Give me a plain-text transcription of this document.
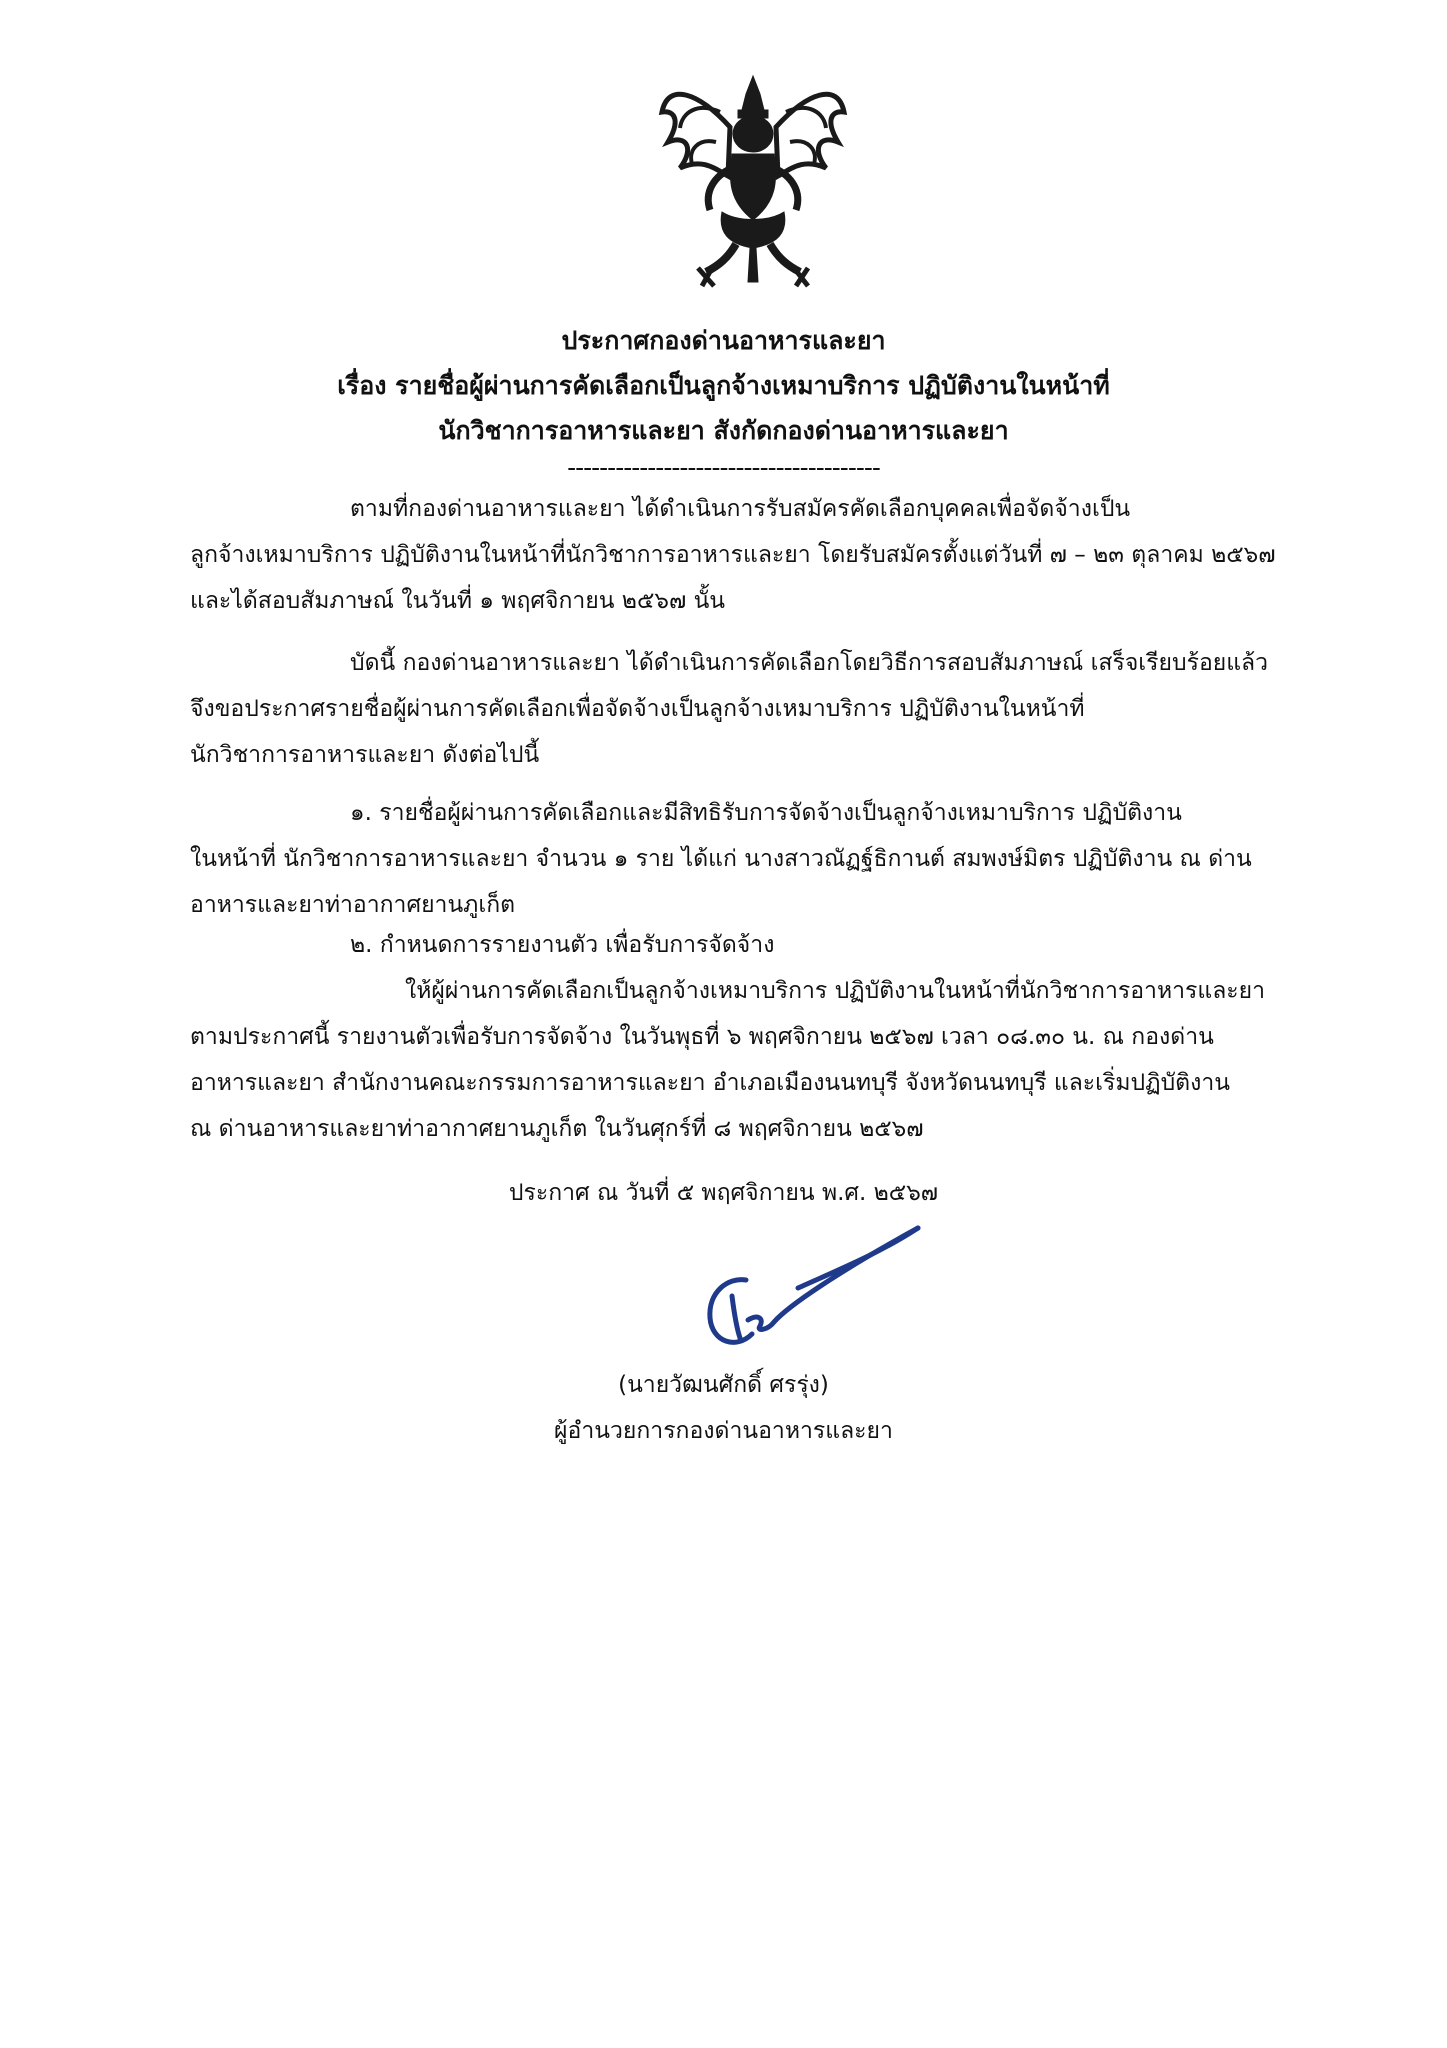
ประกาศกองด่านอาหารและยา
เรื่อง รายชื่อผู้ผ่านการคัดเลือกเป็นลูกจ้างเหมาบริการ ปฏิบัติงานในหน้าที่
นักวิชาการอาหารและยา สังกัดกองด่านอาหารและยา
---------------------------------------
ตามที่กองด่านอาหารและยา ได้ดำเนินการรับสมัครคัดเลือกบุคคลเพื่อจัดจ้างเป็น
ลูกจ้างเหมาบริการ ปฏิบัติงานในหน้าที่นักวิชาการอาหารและยา โดยรับสมัครตั้งแต่วันที่ ๗ – ๒๓ ตุลาคม ๒๕๖๗
และได้สอบสัมภาษณ์ ในวันที่ ๑ พฤศจิกายน ๒๕๖๗ นั้น
บัดนี้ กองด่านอาหารและยา ได้ดำเนินการคัดเลือกโดยวิธีการสอบสัมภาษณ์ เสร็จเรียบร้อยแล้ว
จึงขอประกาศรายชื่อผู้ผ่านการคัดเลือกเพื่อจัดจ้างเป็นลูกจ้างเหมาบริการ ปฏิบัติงานในหน้าที่
นักวิชาการอาหารและยา ดังต่อไปนี้
๑. รายชื่อผู้ผ่านการคัดเลือกและมีสิทธิรับการจัดจ้างเป็นลูกจ้างเหมาบริการ ปฏิบัติงาน
ในหน้าที่ นักวิชาการอาหารและยา จำนวน ๑ ราย ได้แก่ นางสาวณัฏฐ์ธิกานต์ สมพงษ์มิตร ปฏิบัติงาน ณ ด่าน
อาหารและยาท่าอากาศยานภูเก็ต
๒. กำหนดการรายงานตัว เพื่อรับการจัดจ้าง
ให้ผู้ผ่านการคัดเลือกเป็นลูกจ้างเหมาบริการ ปฏิบัติงานในหน้าที่นักวิชาการอาหารและยา
ตามประกาศนี้ รายงานตัวเพื่อรับการจัดจ้าง ในวันพุธที่ ๖ พฤศจิกายน ๒๕๖๗ เวลา ๐๘.๓๐ น. ณ กองด่าน
อาหารและยา สำนักงานคณะกรรมการอาหารและยา อำเภอเมืองนนทบุรี จังหวัดนนทบุรี และเริ่มปฏิบัติงาน
ณ ด่านอาหารและยาท่าอากาศยานภูเก็ต ในวันศุกร์ที่ ๘ พฤศจิกายน ๒๕๖๗
ประกาศ ณ วันที่ ๕ พฤศจิกายน พ.ศ. ๒๕๖๗
(นายวัฒนศักดิ์ ศรรุ่ง)
ผู้อำนวยการกองด่านอาหารและยา
